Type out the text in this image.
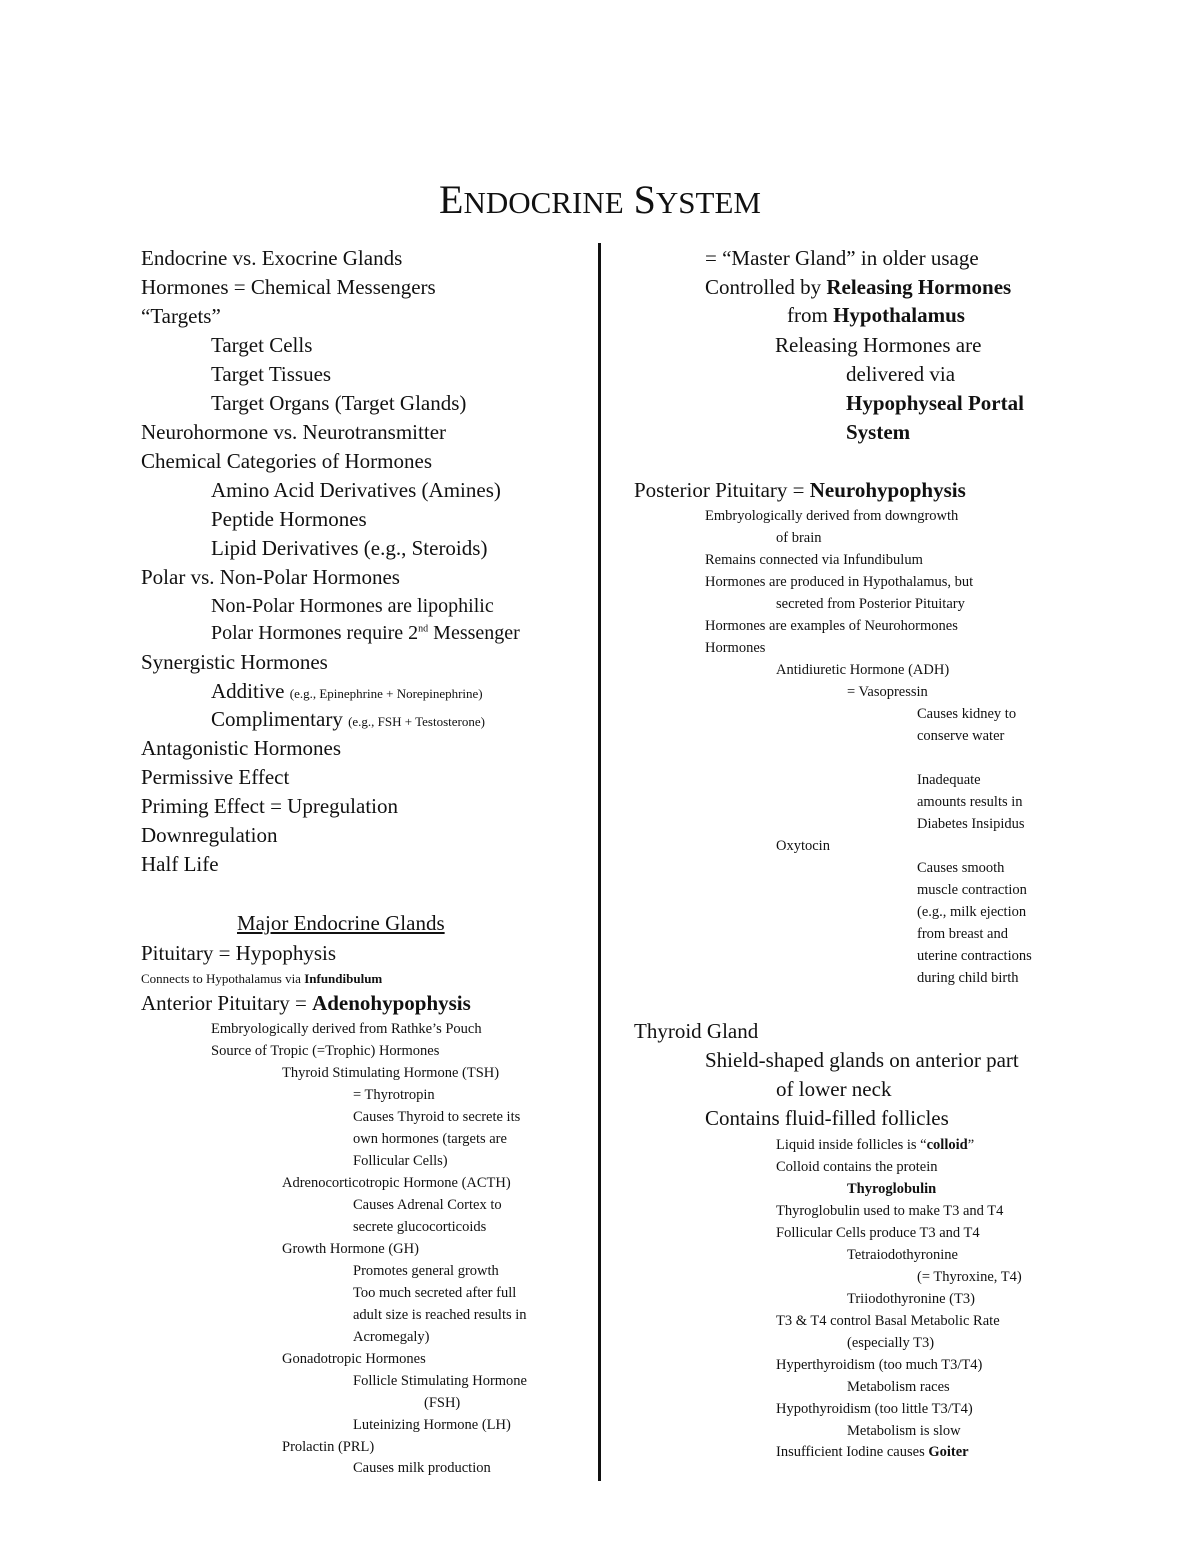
ENDOCRINE SYSTEM
Endocrine vs. Exocrine Glands
Hormones = Chemical Messengers
“Targets”
Target Cells
Target Tissues
Target Organs (Target Glands)
Neurohormone vs. Neurotransmitter
Chemical Categories of Hormones
Amino Acid Derivatives (Amines)
Peptide Hormones
Lipid Derivatives (e.g., Steroids)
Polar vs. Non-Polar Hormones
Non-Polar Hormones are lipophilic
Polar Hormones require 2nd Messenger
Synergistic Hormones
Additive (e.g., Epinephrine + Norepinephrine)
Complimentary (e.g., FSH + Testosterone)
Antagonistic Hormones
Permissive Effect
Priming Effect = Upregulation
Downregulation
Half Life
Major Endocrine Glands
Pituitary = Hypophysis
Connects to Hypothalamus via Infundibulum
Anterior Pituitary = Adenohypophysis
Embryologically derived from Rathke’s Pouch
Source of Tropic (=Trophic) Hormones
Thyroid Stimulating Hormone (TSH)
= Thyrotropin
Causes Thyroid to secrete its
own hormones (targets are
Follicular Cells)
Adrenocorticotropic Hormone (ACTH)
Causes Adrenal Cortex to
secrete glucocorticoids
Growth Hormone (GH)
Promotes general growth
Too much secreted after full
adult size is reached results in
Acromegaly)
Gonadotropic Hormones
Follicle Stimulating Hormone
(FSH)
Luteinizing Hormone (LH)
Prolactin (PRL)
Causes milk production
= “Master Gland” in older usage
Controlled by Releasing Hormones
from Hypothalamus
Releasing Hormones are
delivered via
Hypophyseal Portal
System
Posterior Pituitary = Neurohypophysis
Embryologically derived from downgrowth
of brain
Remains connected via Infundibulum
Hormones are produced in Hypothalamus, but
secreted from Posterior Pituitary
Hormones are examples of Neurohormones
Hormones
Antidiuretic Hormone (ADH)
= Vasopressin
Causes kidney to
conserve water
Inadequate
amounts results in
Diabetes Insipidus
Oxytocin
Causes smooth
muscle contraction
(e.g., milk ejection
from breast and
uterine contractions
during child birth
Thyroid Gland
Shield-shaped glands on anterior part
of lower neck
Contains fluid-filled follicles
Liquid inside follicles is “colloid”
Colloid contains the protein
Thyroglobulin
Thyroglobulin used to make T3 and T4
Follicular Cells produce T3 and T4
Tetraiodothyronine
(= Thyroxine, T4)
Triiodothyronine (T3)
T3 & T4 control Basal Metabolic Rate
(especially T3)
Hyperthyroidism (too much T3/T4)
Metabolism races
Hypothyroidism (too little T3/T4)
Metabolism is slow
Insufficient Iodine causes Goiter
